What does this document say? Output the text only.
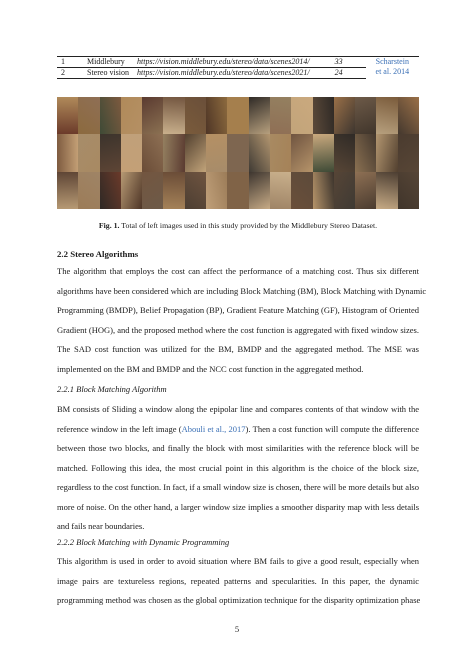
1	Middlebury	https://vision.middlebury.edu/stereo/data/scenes2014/	33	Scharstein
et al. 2014
2	Stereo vision	https://vision.middlebury.edu/stereo/data/scenes2021/	24	
Fig. 1. Total of left images used in this study provided by the Middlebury Stereo Dataset.
2.2 Stereo Algorithms
The algorithm that employs the cost can affect the performance of a matching cost. Thus six different
algorithms have been considered which are including Block Matching (BM), Block Matching with Dynamic
Programming (BMDP), Belief Propagation (BP), Gradient Feature Matching (GF), Histogram of Oriented
Gradient (HOG), and the proposed method where the cost function is aggregated with fixed window sizes.
The SAD cost function was utilized for the BM, BMDP and the aggregated method. The MSE was
implemented on the BM and BMDP and the NCC cost function in the aggregated method.
2.2.1 Block Matching Algorithm
BM consists of Sliding a window along the epipolar line and compares contents of that window with the
reference window in the left image (Abouli et al., 2017). Then a cost function will compute the difference
between those two blocks, and finally the block with most similarities with the reference block will be
matched. Following this idea, the most crucial point in this algorithm is the choice of the block size,
regardless to the cost function. In fact, if a small window size is chosen, there will be more details but also
more of noise. On the other hand, a larger window size implies a smoother disparity map with less details
and fails near boundaries.
2.2.2 Block Matching with Dynamic Programming
This algorithm is used in order to avoid situation where BM fails to give a good result, especially when
image pairs are textureless regions, repeated patterns and specularities. In this paper, the dynamic
programming method was chosen as the global optimization technique for the disparity optimization phase
5
